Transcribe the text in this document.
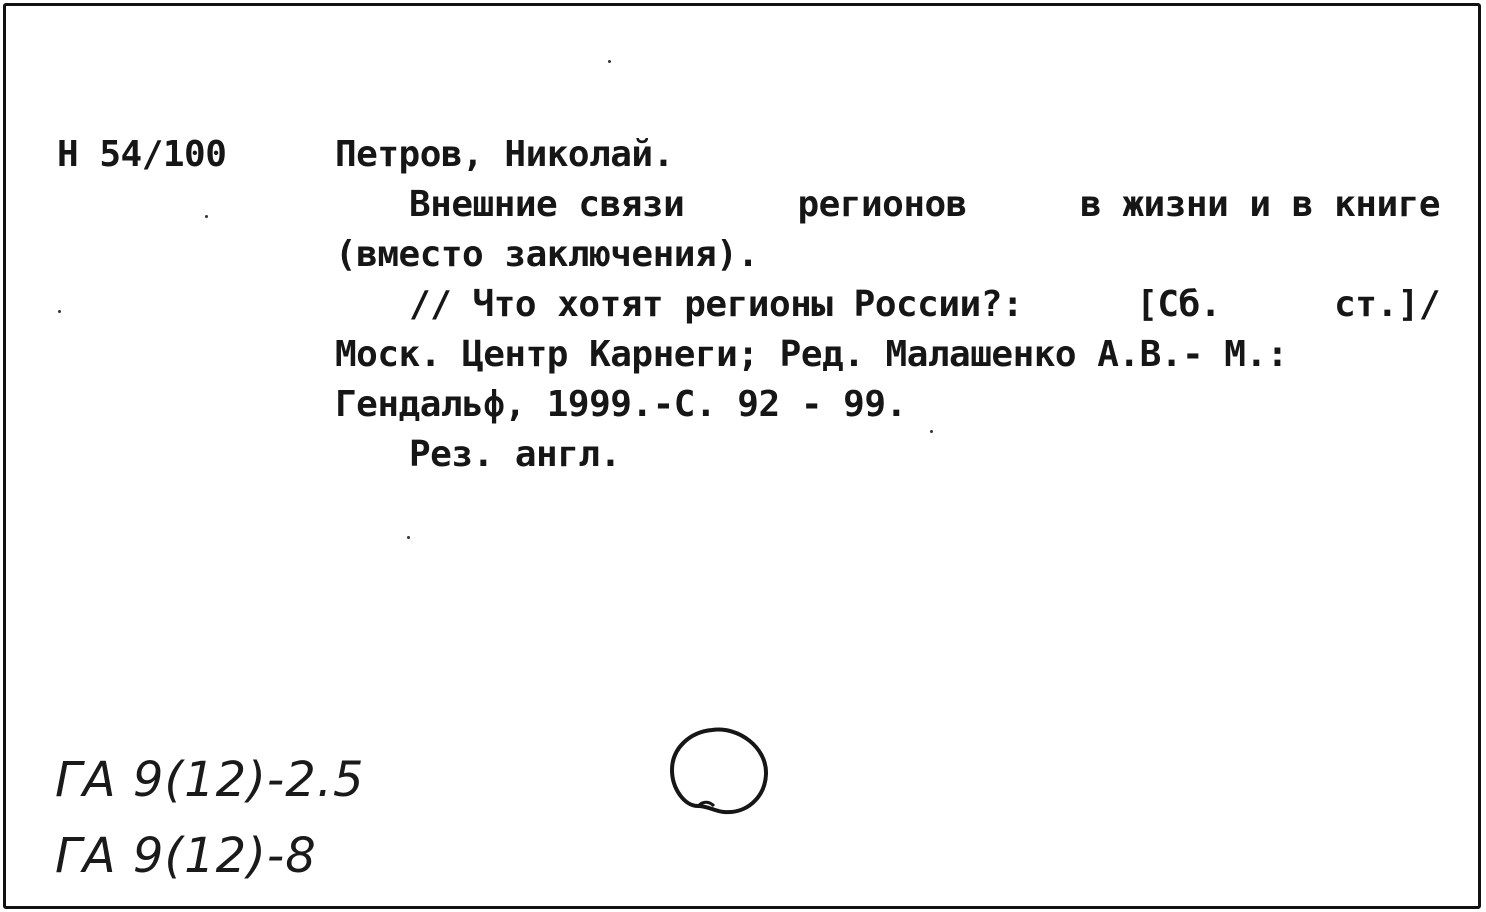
Н 54/100	Петров, Николай.
Внешние связи	регионов	в жизни и в книге
(вместо заключения).
// Что хотят регионы России?:	[Сб.	ст.]/
Моск. Центр Карнеги; Ред. Малашенко А.В.- М.:
Гендальф, 1999.-С. 92 - 99.
Рез. англ.
ГА 9(12)-2.5
ГА 9(12)-8
